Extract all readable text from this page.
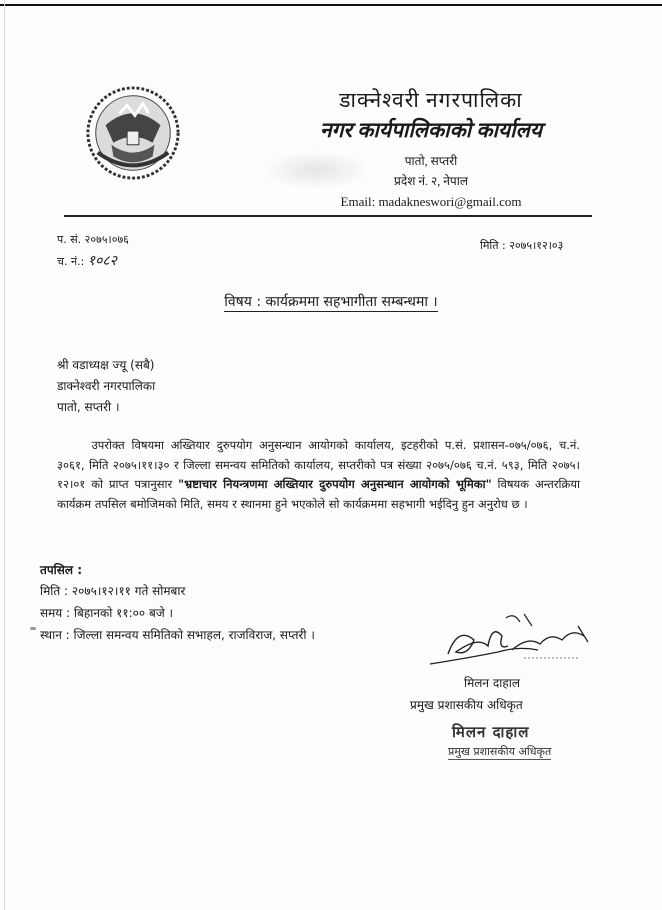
डाक्नेश्वरी नगरपालिका
नगर कार्यपालिकाको कार्यालय
पातो, सप्तरी
प्रदेश नं. २, नेपाल
Email: madakneswori@gmail.com
प. सं. २०७५।०७६
च. नं.: १०८२
मिति : २०७५।१२।०३
विषय : कार्यक्रममा सहभागीता सम्बन्धमा ।
श्री वडाध्यक्ष ज्यू (सबै)
डाक्नेश्वरी नगरपालिका
पातो, सप्तरी ।
   उपरोक्त विषयमा अख्तियार दुरुपयोग अनुसन्धान आयोगको कार्यालय, इटहरीको प.सं. प्रशासन-०७५/०७६, च.नं. ३०६१, मिति २०७५।११।३० र जिल्ला समन्वय समितिको कार्यालय, सप्तरीको पत्र संख्या २०७५/०७६ च.नं. ५९३, मिति २०७५।१२।०१ को प्राप्त पत्रानुसार "भ्रष्टाचार नियन्त्रणमा अख्तियार दुरुपयोग अनुसन्धान आयोगको भूमिका" विषयक अन्तरक्रिया कार्यक्रम तपसिल बमोजिमको मिति, समय र स्थानमा हुने भएकोले सो कार्यक्रममा सहभागी भईदिनु हुन अनुरोध छ ।
तपसिल :
मिति : २०७५।१२।११ गते सोमबार
समय : बिहानको ११:०० बजे ।
स्थान : जिल्ला समन्वय समितिको सभाहल, राजविराज, सप्तरी ।
मिलन दाहाल
प्रमुख प्रशासकीय अधिकृत
मिलन दाहाल
प्रमुख प्रशासकीय अधिकृत
